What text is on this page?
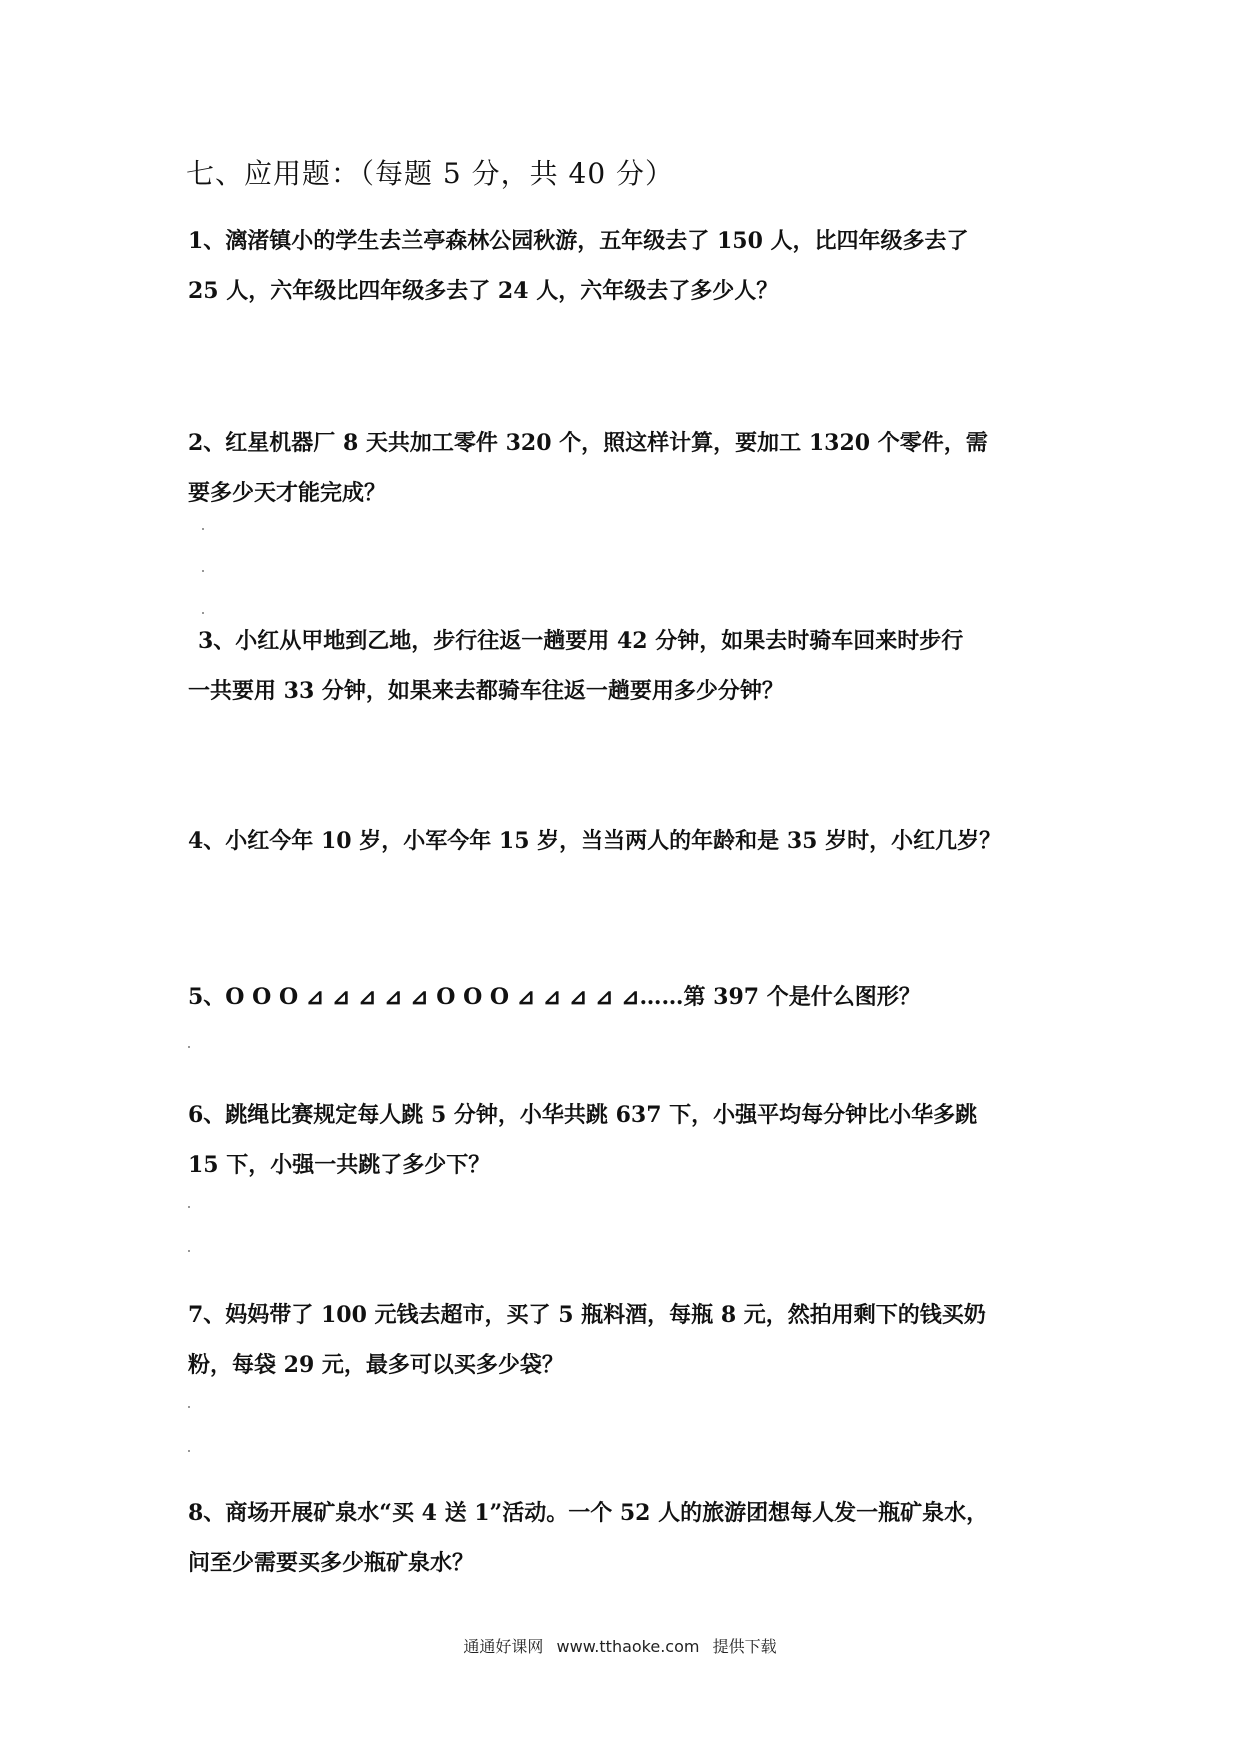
七、应用题：（每题 5 分，共 40 分）

1、漓渚镇小的学生去兰亭森林公园秋游，五年级去了 150 人，比四年级多去了

25 人，六年级比四年级多去了 24 人，六年级去了多少人？

2、红星机器厂 8 天共加工零件 320 个，照这样计算，要加工 1320 个零件，需

要多少天才能完成？

3、小红从甲地到乙地，步行往返一趟要用 42 分钟，如果去时骑车回来时步行

一共要用 33 分钟，如果来去都骑车往返一趟要用多少分钟？

4、小红今年 10 岁，小军今年 15 岁，当当两人的年龄和是 35 岁时，小红几岁？

5、O O O ⊿ ⊿ ⊿ ⊿ ⊿ O O O ⊿ ⊿ ⊿ ⊿ ⊿……第 397 个是什么图形？

6、跳绳比赛规定每人跳 5 分钟，小华共跳 637 下，小强平均每分钟比小华多跳

15 下，小强一共跳了多少下？

7、妈妈带了 100 元钱去超市，买了 5 瓶料酒，每瓶 8 元，然拍用剩下的钱买奶

粉，每袋 29 元，最多可以买多少袋？

8、商场开展矿泉水“买 4 送 1”活动。一个 52 人的旅游团想每人发一瓶矿泉水，

问至少需要买多少瓶矿泉水？

通通好课网 www.tthaoke.com 提供下载
